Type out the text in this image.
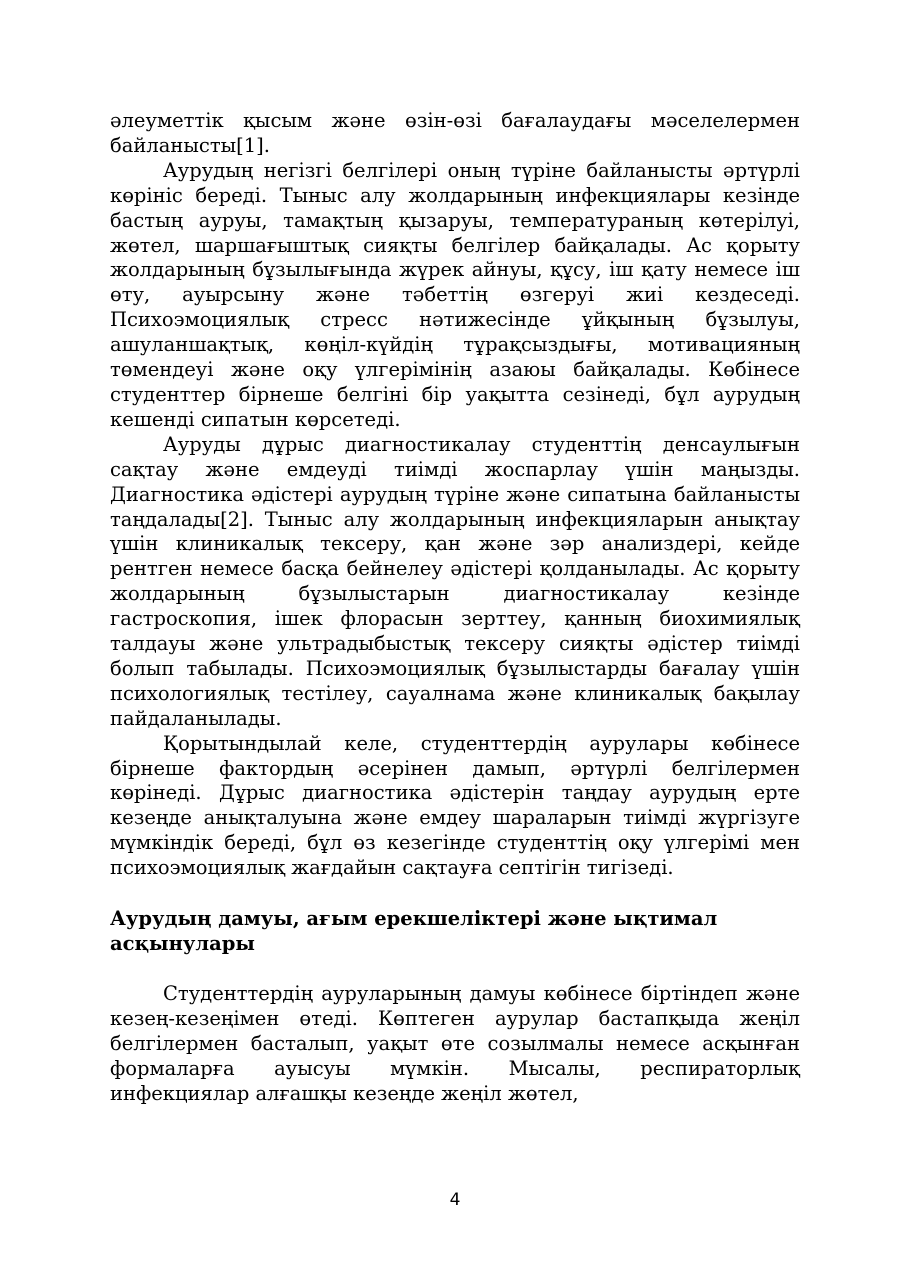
әлеуметтік қысым және өзін-өзі бағалаудағы мәселелермен байланысты[1].

Аурудың негізгі белгілері оның түріне байланысты әртүрлі көрініс береді. Тыныс алу жолдарының инфекциялары кезінде бастың ауруы, тамақтың қызаруы, температураның көтерілуі, жөтел, шаршағыштық сияқты белгілер байқалады. Ас қорыту жолдарының бұзылығында жүрек айнуы, құсу, іш қату немесе іш өту, ауырсыну және тәбеттің өзгеруі жиі кездеседі. Психоэмоциялық стресс нәтижесінде ұйқының бұзылуы, ашуланшақтық, көңіл-күйдің тұрақсыздығы, мотивацияның төмендеуі және оқу үлгерімінің азаюы байқалады. Көбінесе студенттер бірнеше белгіні бір уақытта сезінеді, бұл аурудың кешенді сипатын көрсетеді.

Ауруды дұрыс диагностикалау студенттің денсаулығын сақтау және емдеуді тиімді жоспарлау үшін маңызды. Диагностика әдістері аурудың түріне және сипатына байланысты таңдалады[2]. Тыныс алу жолдарының инфекцияларын анықтау үшін клиникалық тексеру, қан және зәр анализдері, кейде рентген немесе басқа бейнелеу әдістері қолданылады. Ас қорыту жолдарының бұзылыстарын диагностикалау кезінде гастроскопия, ішек флорасын зерттеу, қанның биохимиялық талдауы және ультрадыбыстық тексеру сияқты әдістер тиімді болып табылады. Психоэмоциялық бұзылыстарды бағалау үшін психологиялық тестілеу, сауалнама және клиникалық бақылау пайдаланылады.

Қорытындылай келе, студенттердің аурулары көбінесе бірнеше фактордың әсерінен дамып, әртүрлі белгілермен көрінеді. Дұрыс диагностика әдістерін таңдау аурудың ерте кезеңде анықталуына және емдеу шараларын тиімді жүргізуге мүмкіндік береді, бұл өз кезегінде студенттің оқу үлгерімі мен психоэмоциялық жағдайын сақтауға септігін тигізеді.

Аурудың дамуы, ағым ерекшеліктері және ықтимал асқынулары

Студенттердің ауруларының дамуы көбінесе біртіндеп және кезең-кезеңімен өтеді. Көптеген аурулар бастапқыда жеңіл белгілермен басталып, уақыт өте созылмалы немесе асқынған формаларға ауысуы мүмкін. Мысалы, респираторлық инфекциялар алғашқы кезеңде жеңіл жөтел,

4
